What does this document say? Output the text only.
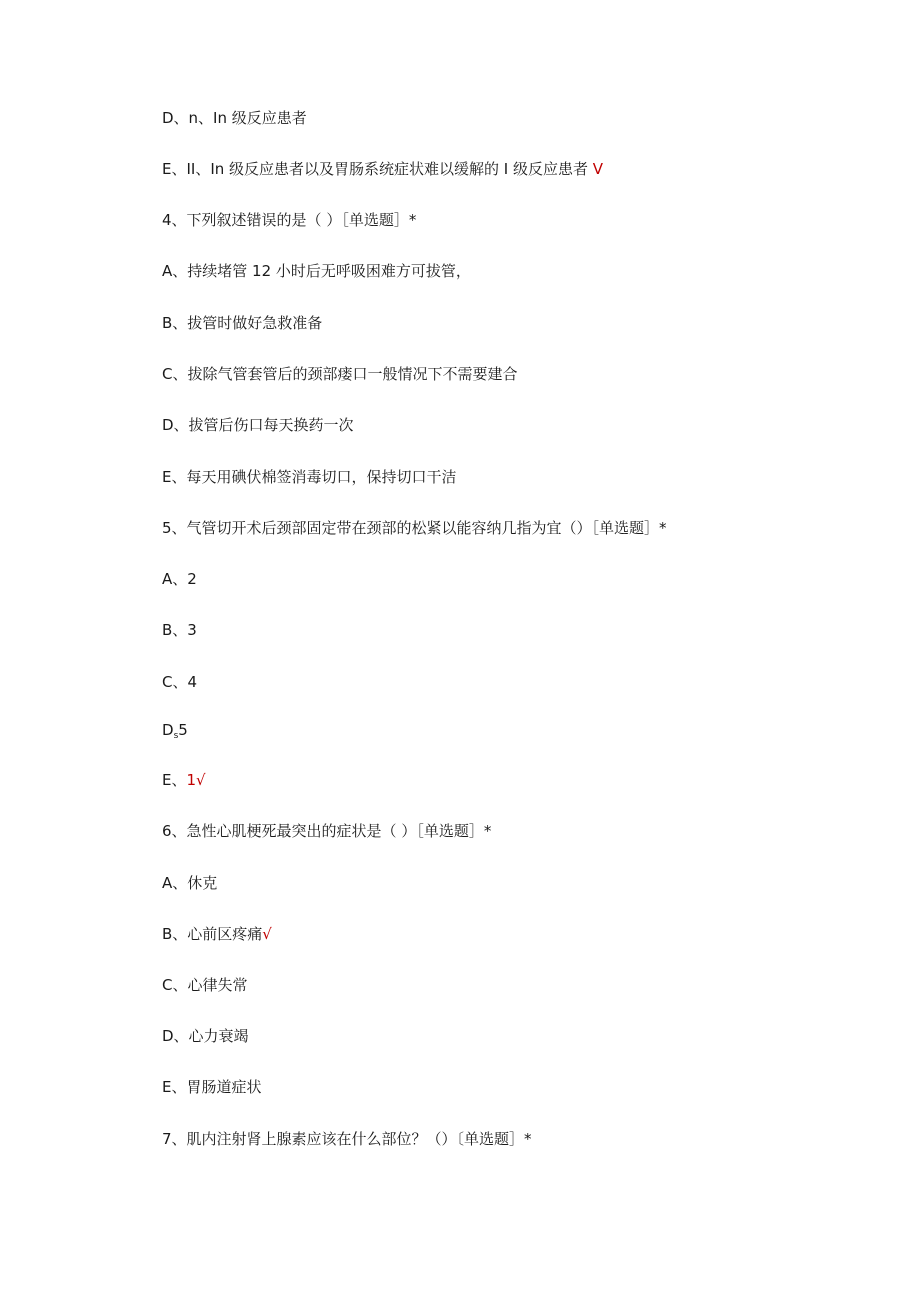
D、n、In 级反应患者
E、II、In 级反应患者以及胃肠系统症状难以缓解的 I 级反应患者 V
4、下列叙述错误的是（ ）［单选题］*
A、持续堵管 12 小时后无呼吸困难方可拔管，
B、拔管时做好急救准备
C、拔除气管套管后的颈部瘘口一般情况下不需要建合
D、拔管后伤口每天换药一次
E、每天用碘伏棉签消毒切口，保持切口干洁
5、气管切开术后颈部固定带在颈部的松紧以能容纳几指为宜（）［单选题］*
A、2
B、3
C、4
$D_s5$
E、1√
6、急性心肌梗死最突出的症状是（ ）［单选题］*
A、休克
B、心前区疼痛√
C、心律失常
D、心力衰竭
E、胃肠道症状
7、肌内注射肾上腺素应该在什么部位？（）〔单选题］*
